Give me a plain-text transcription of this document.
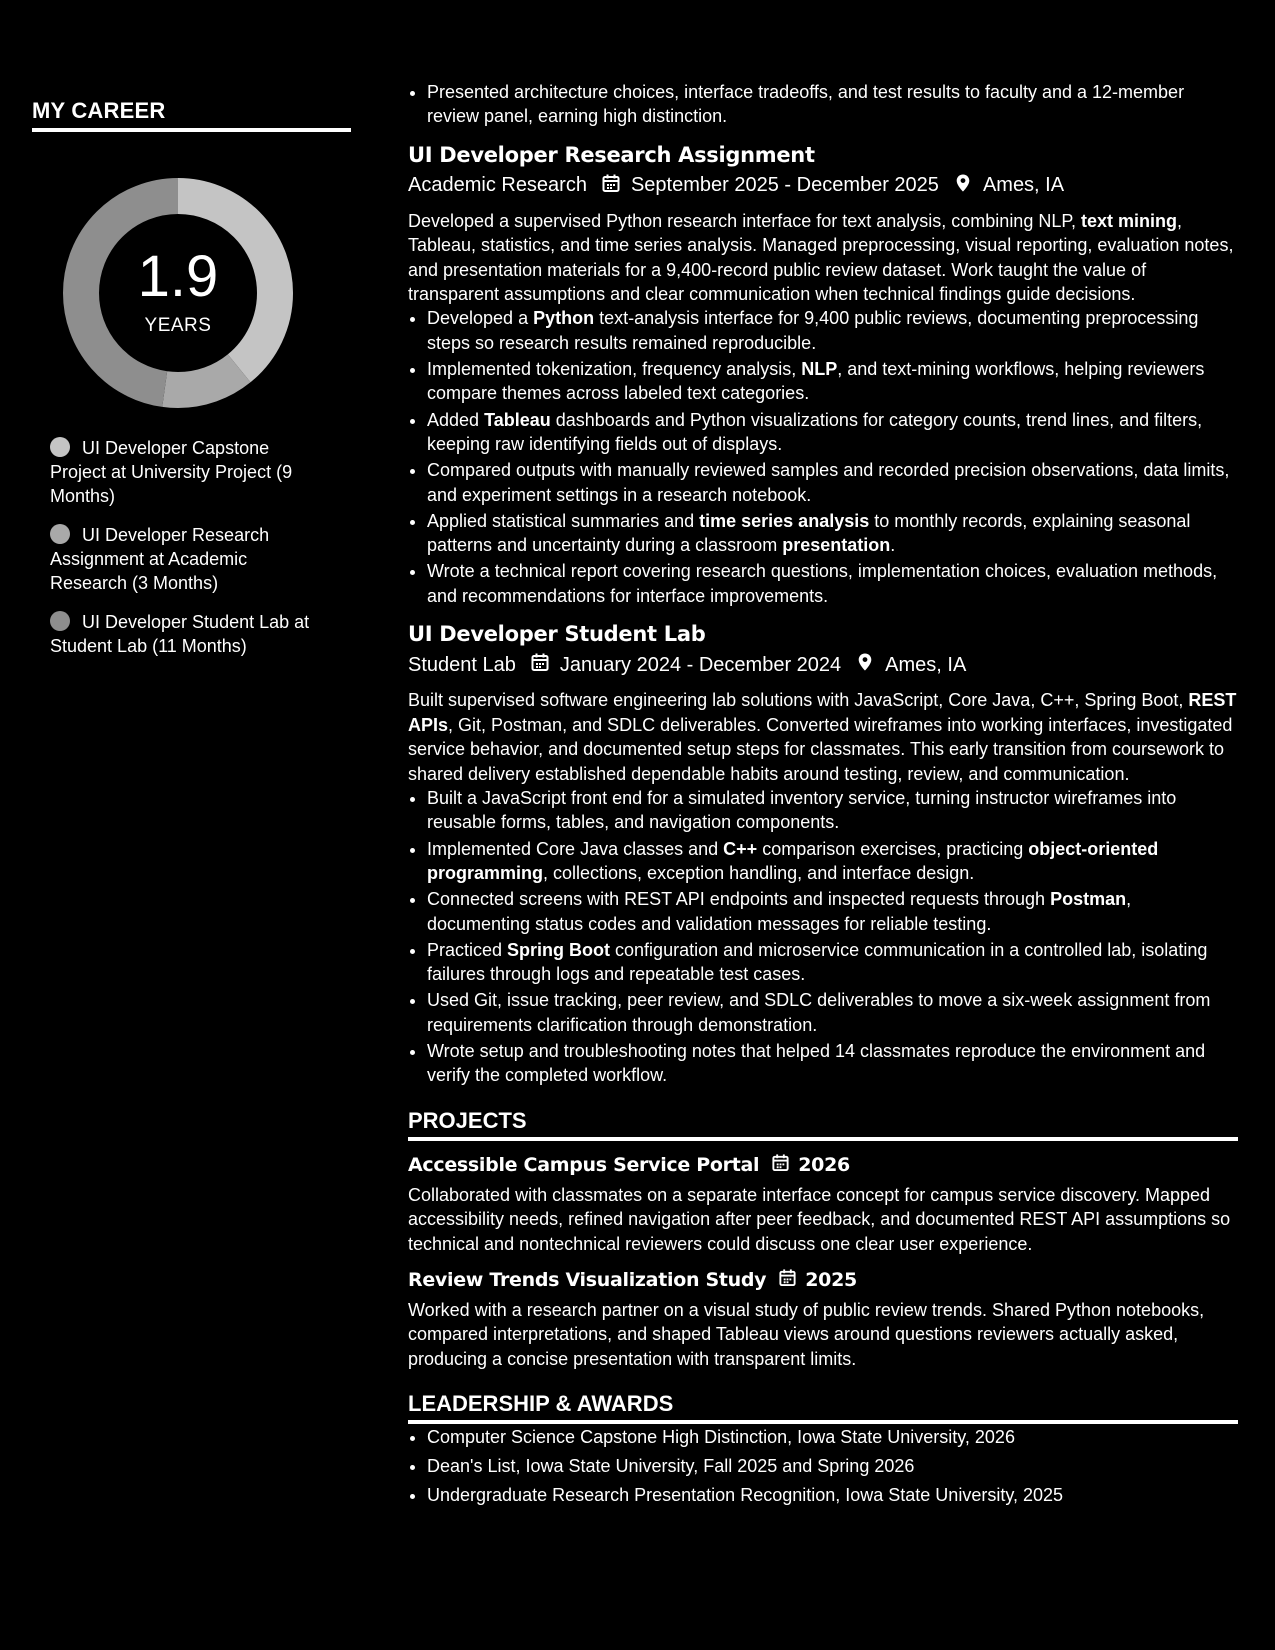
MY CAREER
1.9
YEARS
UI Developer Capstone Project at University Project (9 Months)
UI Developer Research Assignment at Academic Research (3 Months)
UI Developer Student Lab at Student Lab (11 Months)
• Presented architecture choices, interface tradeoffs, and test results to faculty and a 12-member review panel, earning high distinction.
UI Developer Research Assignment
Academic Research September 2025 - December 2025 Ames, IA
Developed a supervised Python research interface for text analysis, combining NLP, text mining, Tableau, statistics, and time series analysis. Managed preprocessing, visual reporting, evaluation notes, and presentation materials for a 9,400-record public review dataset. Work taught the value of transparent assumptions and clear communication when technical findings guide decisions.
• Developed a Python text-analysis interface for 9,400 public reviews, documenting preprocessing steps so research results remained reproducible.
• Implemented tokenization, frequency analysis, NLP, and text-mining workflows, helping reviewers compare themes across labeled text categories.
• Added Tableau dashboards and Python visualizations for category counts, trend lines, and filters, keeping raw identifying fields out of displays.
• Compared outputs with manually reviewed samples and recorded precision observations, data limits, and experiment settings in a research notebook.
• Applied statistical summaries and time series analysis to monthly records, explaining seasonal patterns and uncertainty during a classroom presentation.
• Wrote a technical report covering research questions, implementation choices, evaluation methods, and recommendations for interface improvements.
UI Developer Student Lab
Student Lab January 2024 - December 2024 Ames, IA
Built supervised software engineering lab solutions with JavaScript, Core Java, C++, Spring Boot, REST APIs, Git, Postman, and SDLC deliverables. Converted wireframes into working interfaces, investigated service behavior, and documented setup steps for classmates. This early transition from coursework to shared delivery established dependable habits around testing, review, and communication.
• Built a JavaScript front end for a simulated inventory service, turning instructor wireframes into reusable forms, tables, and navigation components.
• Implemented Core Java classes and C++ comparison exercises, practicing object-oriented programming, collections, exception handling, and interface design.
• Connected screens with REST API endpoints and inspected requests through Postman, documenting status codes and validation messages for reliable testing.
• Practiced Spring Boot configuration and microservice communication in a controlled lab, isolating failures through logs and repeatable test cases.
• Used Git, issue tracking, peer review, and SDLC deliverables to move a six-week assignment from requirements clarification through demonstration.
• Wrote setup and troubleshooting notes that helped 14 classmates reproduce the environment and verify the completed workflow.
PROJECTS
Accessible Campus Service Portal 2026
Collaborated with classmates on a separate interface concept for campus service discovery. Mapped accessibility needs, refined navigation after peer feedback, and documented REST API assumptions so technical and nontechnical reviewers could discuss one clear user experience.
Review Trends Visualization Study 2025
Worked with a research partner on a visual study of public review trends. Shared Python notebooks, compared interpretations, and shaped Tableau views around questions reviewers actually asked, producing a concise presentation with transparent limits.
LEADERSHIP & AWARDS
• Computer Science Capstone High Distinction, Iowa State University, 2026
• Dean's List, Iowa State University, Fall 2025 and Spring 2026
• Undergraduate Research Presentation Recognition, Iowa State University, 2025
